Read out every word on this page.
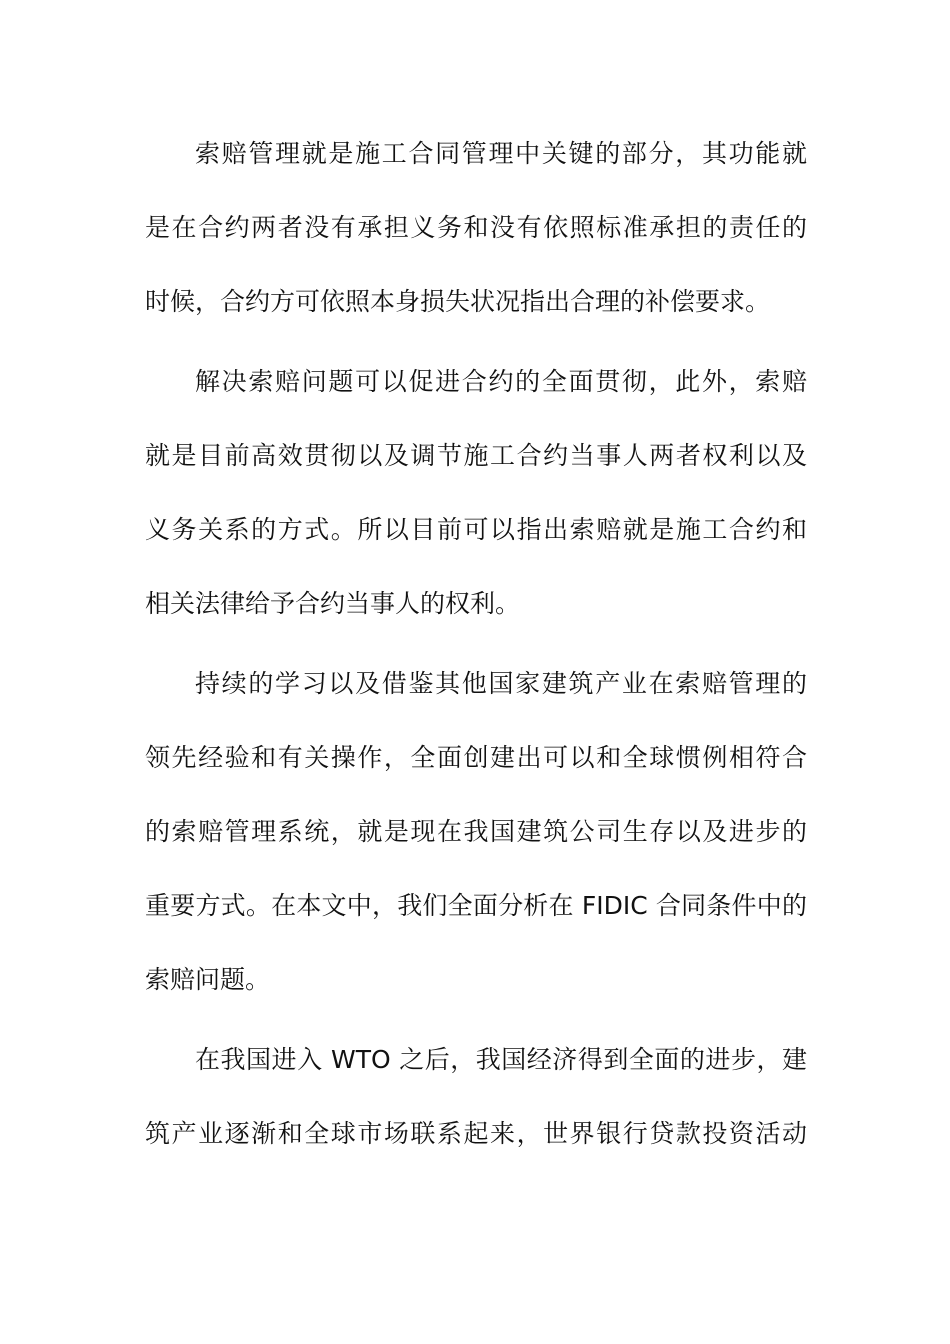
索赔管理就是施工合同管理中关键的部分，其功能就
是在合约两者没有承担义务和没有依照标准承担的责任的
时候，合约方可依照本身损失状况指出合理的补偿要求。
解决索赔问题可以促进合约的全面贯彻，此外，索赔
就是目前高效贯彻以及调节施工合约当事人两者权利以及
义务关系的方式。所以目前可以指出索赔就是施工合约和
相关法律给予合约当事人的权利。
持续的学习以及借鉴其他国家建筑产业在索赔管理的
领先经验和有关操作，全面创建出可以和全球惯例相符合
的索赔管理系统，就是现在我国建筑公司生存以及进步的
重要方式。在本文中，我们全面分析在 FIDIC 合同条件中的
索赔问题。
在我国进入 WTO 之后，我国经济得到全面的进步，建
筑产业逐渐和全球市场联系起来，世界银行贷款投资活动
